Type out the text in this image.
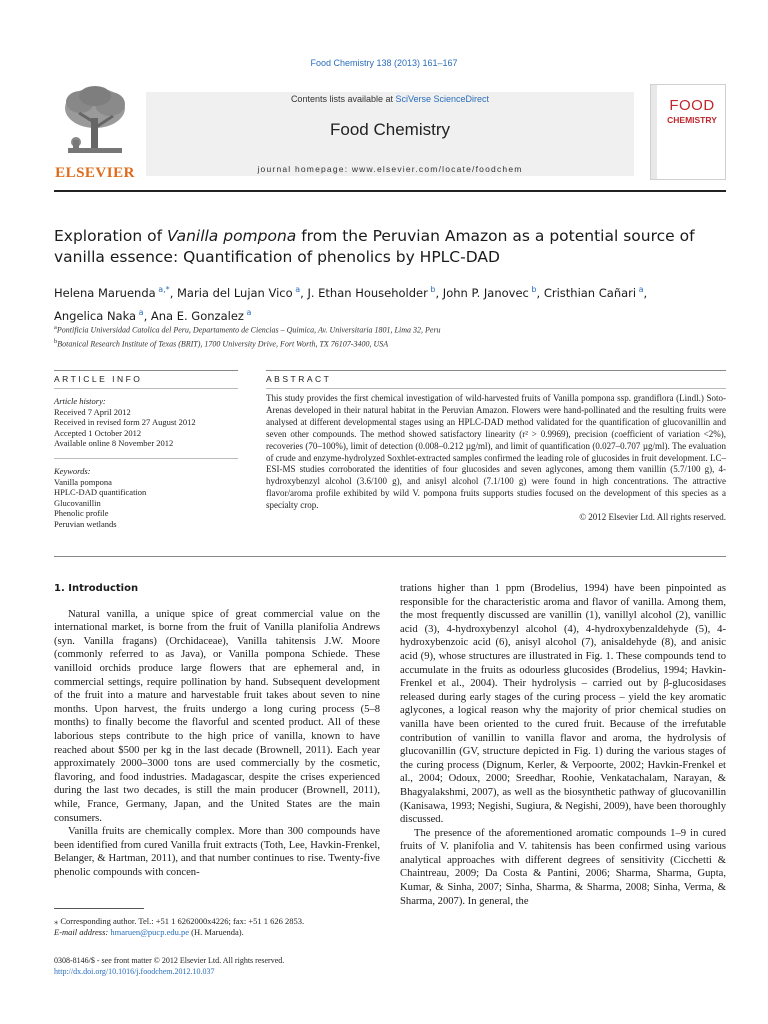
Food Chemistry 138 (2013) 161–167
ELSEVIER
Contents lists available at SciVerse ScienceDirect
Food Chemistry
journal homepage: www.elsevier.com/locate/foodchem
FOOD
CHEMISTRY
Exploration of Vanilla pompona from the Peruvian Amazon as a potential source of vanilla essence: Quantification of phenolics by HPLC-DAD
Helena Maruenda $^{a,*}$, Maria del Lujan Vico $^a$, J. Ethan Householder $^b$, John P. Janovec $^b$, Cristhian Cañari $^a$,
Angelica Naka $^a$, Ana E. Gonzalez $^a$
$^a$Pontificia Universidad Catolica del Peru, Departamento de Ciencias – Quimica, Av. Universitaria 1801, Lima 32, Peru
$^b$Botanical Research Institute of Texas (BRIT), 1700 University Drive, Fort Worth, TX 76107-3400, USA
ARTICLE INFO	ABSTRACT
Article history:
Received 7 April 2012
Received in revised form 27 August 2012
Accepted 1 October 2012
Available online 8 November 2012
Keywords:
Vanilla pompona
HPLC-DAD quantification
Glucovanillin
Phenolic profile
Peruvian wetlands
This study provides the first chemical investigation of wild-harvested fruits of Vanilla pompona ssp. grandiflora (Lindl.) Soto-Arenas developed in their natural habitat in the Peruvian Amazon. Flowers were hand-pollinated and the resulting fruits were analysed at different developmental stages using an HPLC-DAD method validated for the quantification of glucovanillin and seven other compounds. The method showed satisfactory linearity (r² > 0.9969), precision (coefficient of variation <2%), recoveries (70–100%), limit of detection (0.008–0.212 µg/ml), and limit of quantification (0.027–0.707 µg/ml). The evaluation of crude and enzyme-hydrolyzed Soxhlet-extracted samples confirmed the leading role of glucosides in fruit development. LC–ESI-MS studies corroborated the identities of four glucosides and seven aglycones, among them vanillin (5.7/100 g), 4-hydroxybenzyl alcohol (3.6/100 g), and anisyl alcohol (7.1/100 g) were found in high concentrations. The attractive flavor/aroma profile exhibited by wild V. pompona fruits supports studies focused on the development of this species as a specialty crop.
© 2012 Elsevier Ltd. All rights reserved.
1. Introduction

Natural vanilla, a unique spice of great commercial value on the international market, is borne from the fruit of Vanilla planifolia Andrews (syn. Vanilla fragans) (Orchidaceae), Vanilla tahitensis J.W. Moore (commonly referred to as Java), or Vanilla pompona Schiede. These vanilloid orchids produce large flowers that are ephemeral and, in commercial settings, require pollination by hand. Subsequent development of the fruit into a mature and harvestable fruit takes about seven to nine months. Upon harvest, the fruits undergo a long curing process (5–8 months) to finally become the flavorful and scented product. All of these laborious steps contribute to the high price of vanilla, known to have reached about $500 per kg in the last decade (Brownell, 2011). Each year approximately 2000–3000 tons are used commercially by the cosmetic, flavoring, and food industries. Madagascar, despite the crises experienced during the last two decades, is still the main producer (Brownell, 2011), while, France, Germany, Japan, and the United States are the main consumers.

Vanilla fruits are chemically complex. More than 300 compounds have been identified from cured Vanilla fruit extracts (Toth, Lee, Havkin-Frenkel, Belanger, & Hartman, 2011), and that number continues to rise. Twenty-five phenolic compounds with concen-

trations higher than 1 ppm (Brodelius, 1994) have been pinpointed as responsible for the characteristic aroma and flavor of vanilla. Among them, the most frequently discussed are vanillin (1), vanillyl alcohol (2), vanillic acid (3), 4-hydroxybenzyl alcohol (4), 4-hydroxybenzaldehyde (5), 4-hydroxybenzoic acid (6), anisyl alcohol (7), anisaldehyde (8), and anisic acid (9), whose structures are illustrated in Fig. 1. These compounds tend to accumulate in the fruits as odourless glucosides (Brodelius, 1994; Havkin-Frenkel et al., 2004). Their hydrolysis – carried out by β-glucosidases released during early stages of the curing process – yield the key aromatic aglycones, a logical reason why the majority of prior chemical studies on vanilla have been oriented to the cured fruit. Because of the irrefutable contribution of vanillin to vanilla flavor and aroma, the hydrolysis of glucovanillin (GV, structure depicted in Fig. 1) during the various stages of the curing process (Dignum, Kerler, & Verpoorte, 2002; Havkin-Frenkel et al., 2004; Odoux, 2000; Sreedhar, Roohie, Venkatachalam, Narayan, & Bhagyalakshmi, 2007), as well as the biosynthetic pathway of glucovanillin (Kanisawa, 1993; Negishi, Sugiura, & Negishi, 2009), have been thoroughly discussed.

The presence of the aforementioned aromatic compounds 1–9 in cured fruits of V. planifolia and V. tahitensis has been confirmed using various analytical approaches with different degrees of sensitivity (Cicchetti & Chaintreau, 2009; Da Costa & Pantini, 2006; Sharma, Sharma, Gupta, Kumar, & Sinha, 2007; Sinha, Sharma, & Sharma, 2008; Sinha, Verma, & Sharma, 2007). In general, the

⁎ Corresponding author. Tel.: +51 1 6262000x4226; fax: +51 1 626 2853.
E-mail address: hmaruen@pucp.edu.pe (H. Maruenda).
0308-8146/$ - see front matter © 2012 Elsevier Ltd. All rights reserved.
http://dx.doi.org/10.1016/j.foodchem.2012.10.037
